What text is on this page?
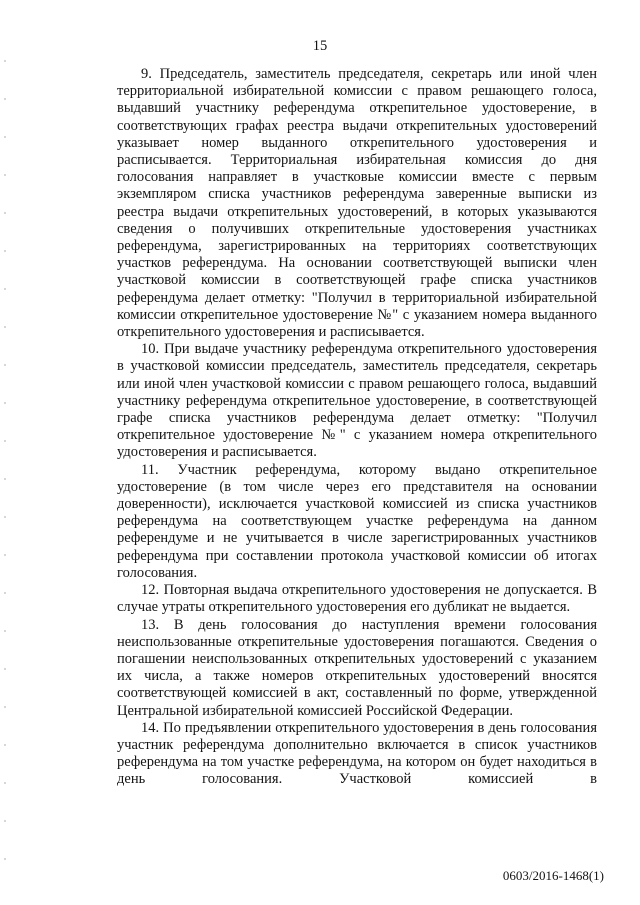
15

9. Председатель, заместитель председателя, секретарь или иной член территориальной избирательной комиссии с правом решающего голоса, выдавший участнику референдума открепительное удостоверение, в соответствующих графах реестра выдачи открепительных удостоверений указывает номер выданного открепительного удостоверения и расписывается. Территориальная избирательная комиссия до дня голосования направляет в участковые комиссии вместе с первым экземпляром списка участников референдума заверенные выписки из реестра выдачи открепительных удостоверений, в которых указываются сведения о получивших открепительные удостоверения участниках референдума, зарегистрированных на территориях соответствующих участков референдума. На основании соответствующей выписки член участковой комиссии в соответствующей графе списка участников референдума делает отметку: "Получил в территориальной избирательной комиссии открепительное удостоверение №" с указанием номера выданного открепительного удостоверения и расписывается.

10. При выдаче участнику референдума открепительного удостоверения в участковой комиссии председатель, заместитель председателя, секретарь или иной член участковой комиссии с правом решающего голоса, выдавший участнику референдума открепительное удостоверение, в соответствующей графе списка участников референдума делает отметку: "Получил открепительное удостоверение №" с указанием номера открепительного удостоверения и расписывается.

11. Участник референдума, которому выдано открепительное удостоверение (в том числе через его представителя на основании доверенности), исключается участковой комиссией из списка участников референдума на соответствующем участке референдума на данном референдуме и не учитывается в числе зарегистрированных участников референдума при составлении протокола участковой комиссии об итогах голосования.

12. Повторная выдача открепительного удостоверения не допускается. В случае утраты открепительного удостоверения его дубликат не выдается.

13. В день голосования до наступления времени голосования неиспользованные открепительные удостоверения погашаются. Сведения о погашении неиспользованных открепительных удостоверений с указанием их числа, а также номеров открепительных удостоверений вносятся соответствующей комиссией в акт, составленный по форме, утвержденной Центральной избирательной комиссией Российской Федерации.

14. По предъявлении открепительного удостоверения в день голосования участник референдума дополнительно включается в список участников референдума на том участке референдума, на котором он будет находиться в день голосования. Участковой комиссией в

0603/2016-1468(1)
